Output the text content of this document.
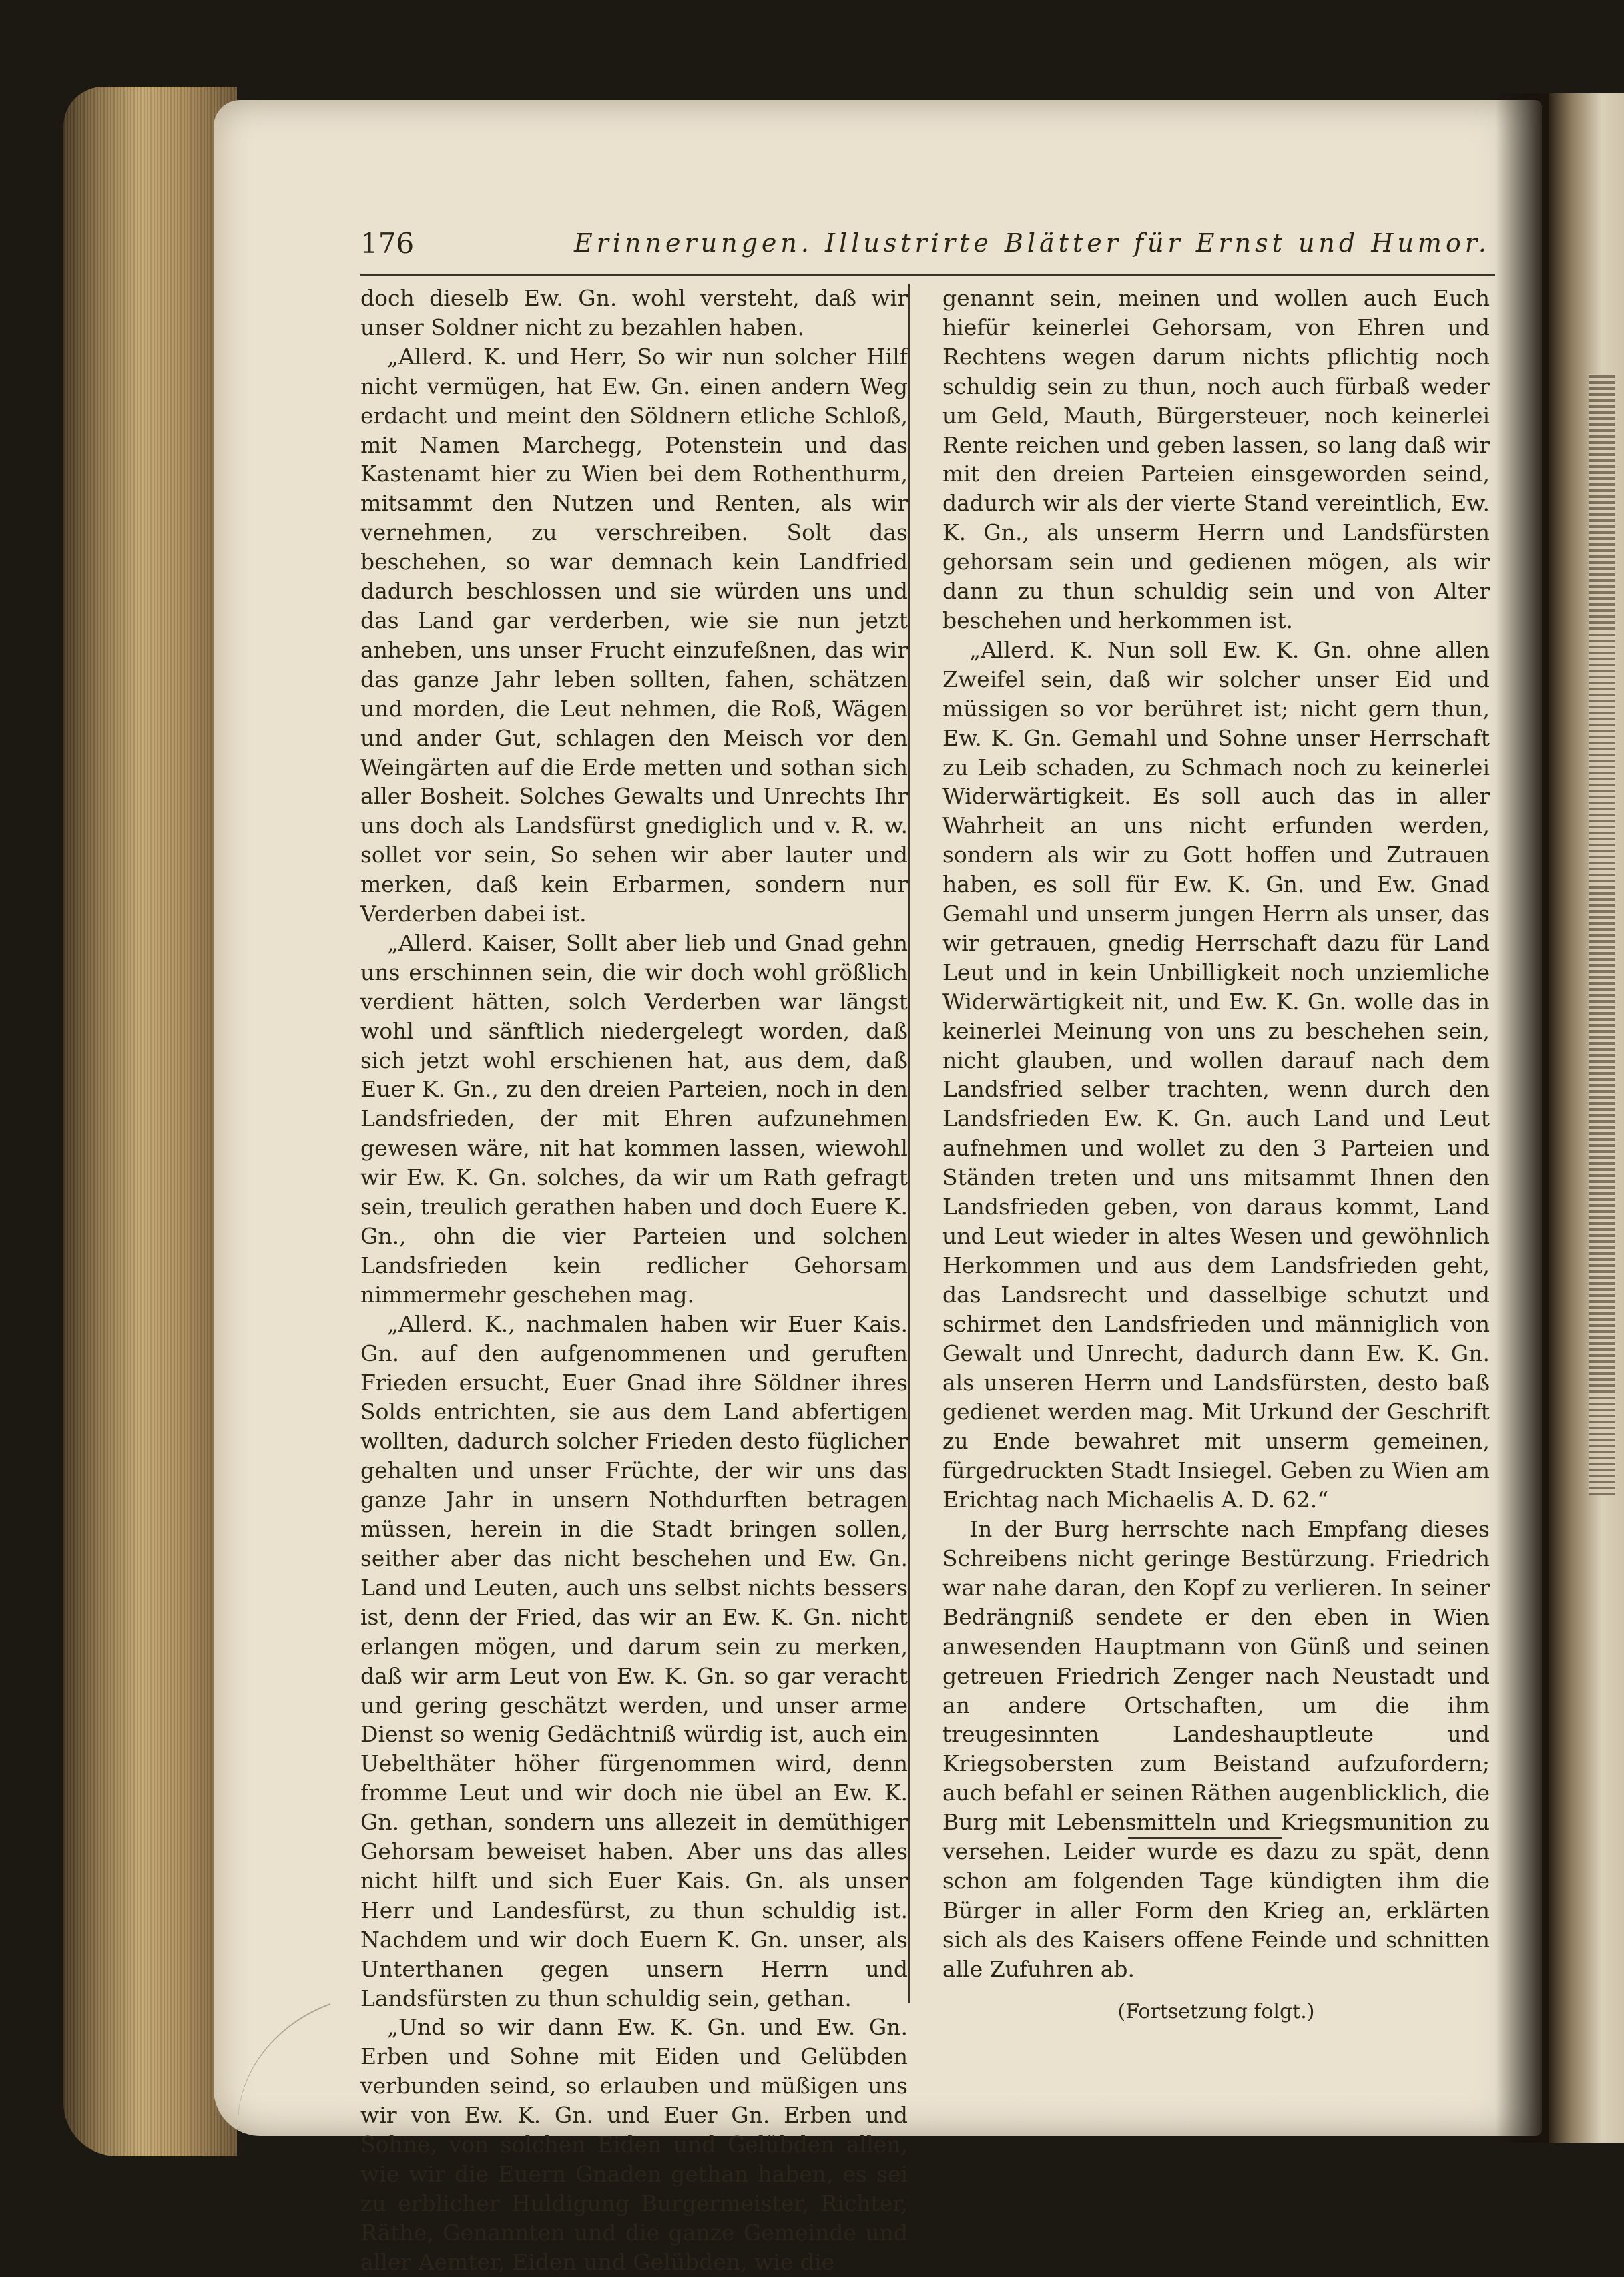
176	Erinnerungen. Illustrirte Blätter für Ernst und Humor.

doch dieselb Ew. Gn. wohl versteht, daß wir unser Soldner nicht zu bezahlen haben.

„Allerd. K. und Herr, So wir nun solcher Hilf nicht vermügen, hat Ew. Gn. einen andern Weg erdacht und meint den Söldnern etliche Schloß, mit Namen Marchegg, Potenstein und das Kastenamt hier zu Wien bei dem Rothenthurm, mitsammt den Nutzen und Renten, als wir vernehmen, zu verschreiben. Solt das beschehen, so war demnach kein Landfried dadurch beschlossen und sie würden uns und das Land gar verderben, wie sie nun jetzt anheben, uns unser Frucht einzufeßnen, das wir das ganze Jahr leben sollten, fahen, schätzen und morden, die Leut nehmen, die Roß, Wägen und ander Gut, schlagen den Meisch vor den Weingärten auf die Erde metten und sothan sich aller Bosheit. Solches Gewalts und Unrechts Ihr uns doch als Landsfürst gnediglich und v. R. w. sollet vor sein, So sehen wir aber lauter und merken, daß kein Erbarmen, sondern nur Verderben dabei ist.

„Allerd. Kaiser, Sollt aber lieb und Gnad gehn uns erschinnen sein, die wir doch wohl größlich verdient hätten, solch Verderben war längst wohl und sänftlich niedergelegt worden, daß sich jetzt wohl erschienen hat, aus dem, daß Euer K. Gn., zu den dreien Parteien, noch in den Landsfrieden, der mit Ehren aufzunehmen gewesen wäre, nit hat kommen lassen, wiewohl wir Ew. K. Gn. solches, da wir um Rath gefragt sein, treulich gerathen haben und doch Euere K. Gn., ohn die vier Parteien und solchen Landsfrieden kein redlicher Gehorsam nimmermehr geschehen mag.

„Allerd. K., nachmalen haben wir Euer Kais. Gn. auf den aufgenommenen und geruften Frieden ersucht, Euer Gnad ihre Söldner ihres Solds entrichten, sie aus dem Land abfertigen wollten, dadurch solcher Frieden desto füglicher gehalten und unser Früchte, der wir uns das ganze Jahr in unsern Nothdurften betragen müssen, herein in die Stadt bringen sollen, seither aber das nicht beschehen und Ew. Gn. Land und Leuten, auch uns selbst nichts bessers ist, denn der Fried, das wir an Ew. K. Gn. nicht erlangen mögen, und darum sein zu merken, daß wir arm Leut von Ew. K. Gn. so gar veracht und gering geschätzt werden, und unser arme Dienst so wenig Gedächtniß würdig ist, auch ein Uebelthäter höher fürgenommen wird, denn fromme Leut und wir doch nie übel an Ew. K. Gn. gethan, sondern uns allezeit in demüthiger Gehorsam beweiset haben. Aber uns das alles nicht hilft und sich Euer Kais. Gn. als unser Herr und Landesfürst, zu thun schuldig ist. Nachdem und wir doch Euern K. Gn. unser, als Unterthanen gegen unsern Herrn und Landsfürsten zu thun schuldig sein, gethan.

„Und so wir dann Ew. K. Gn. und Ew. Gn. Erben und Sohne mit Eiden und Gelübden verbunden seind, so erlauben und müßigen uns wir von Ew. K. Gn. und Euer Gn. Erben und Sohne, von solchen Eiden und Gelübden allen, wie wir die Euern Gnaden gethan haben, es sei zu erblicher Huldigung Burgermeister, Richter, Räthe, Genannten und die ganze Gemeinde und aller Aemter, Eiden und Gelübden, wie die

genannt sein, meinen und wollen auch Euch hiefür keinerlei Gehorsam, von Ehren und Rechtens wegen darum nichts pflichtig noch schuldig sein zu thun, noch auch fürbaß weder um Geld, Mauth, Bürgersteuer, noch keinerlei Rente reichen und geben lassen, so lang daß wir mit den dreien Parteien einsgeworden seind, dadurch wir als der vierte Stand vereintlich, Ew. K. Gn., als unserm Herrn und Landsfürsten gehorsam sein und gedienen mögen, als wir dann zu thun schuldig sein und von Alter beschehen und herkommen ist.

„Allerd. K. Nun soll Ew. K. Gn. ohne allen Zweifel sein, daß wir solcher unser Eid und müssigen so vor berühret ist; nicht gern thun, Ew. K. Gn. Gemahl und Sohne unser Herrschaft zu Leib schaden, zu Schmach noch zu keinerlei Widerwärtigkeit. Es soll auch das in aller Wahrheit an uns nicht erfunden werden, sondern als wir zu Gott hoffen und Zutrauen haben, es soll für Ew. K. Gn. und Ew. Gnad Gemahl und unserm jungen Herrn als unser, das wir getrauen, gnedig Herrschaft dazu für Land Leut und in kein Unbilligkeit noch unziemliche Widerwärtigkeit nit, und Ew. K. Gn. wolle das in keinerlei Meinung von uns zu beschehen sein, nicht glauben, und wollen darauf nach dem Landsfried selber trachten, wenn durch den Landsfrieden Ew. K. Gn. auch Land und Leut aufnehmen und wollet zu den 3 Parteien und Ständen treten und uns mitsammt Ihnen den Landsfrieden geben, von daraus kommt, Land und Leut wieder in altes Wesen und gewöhnlich Herkommen und aus dem Landsfrieden geht, das Landsrecht und dasselbige schutzt und schirmet den Landsfrieden und männiglich von Gewalt und Unrecht, dadurch dann Ew. K. Gn. als unseren Herrn und Landsfürsten, desto baß gedienet werden mag. Mit Urkund der Geschrift zu Ende bewahret mit unserm gemeinen, fürgedruckten Stadt Insiegel. Geben zu Wien am Erichtag nach Michaelis A. D. 62.“

In der Burg herrschte nach Empfang dieses Schreibens nicht geringe Bestürzung. Friedrich war nahe daran, den Kopf zu verlieren. In seiner Bedrängniß sendete er den eben in Wien anwesenden Hauptmann von Günß und seinen getreuen Friedrich Zenger nach Neustadt und an andere Ortschaften, um die ihm treugesinnten Landeshauptleute und Kriegsobersten zum Beistand aufzufordern; auch befahl er seinen Räthen augenblicklich, die Burg mit Lebensmitteln und Kriegsmunition zu versehen. Leider wurde es dazu zu spät, denn schon am folgenden Tage kündigten ihm die Bürger in aller Form den Krieg an, erklärten sich als des Kaisers offene Feinde und schnitten alle Zufuhren ab.

(Fortsetzung folgt.)
